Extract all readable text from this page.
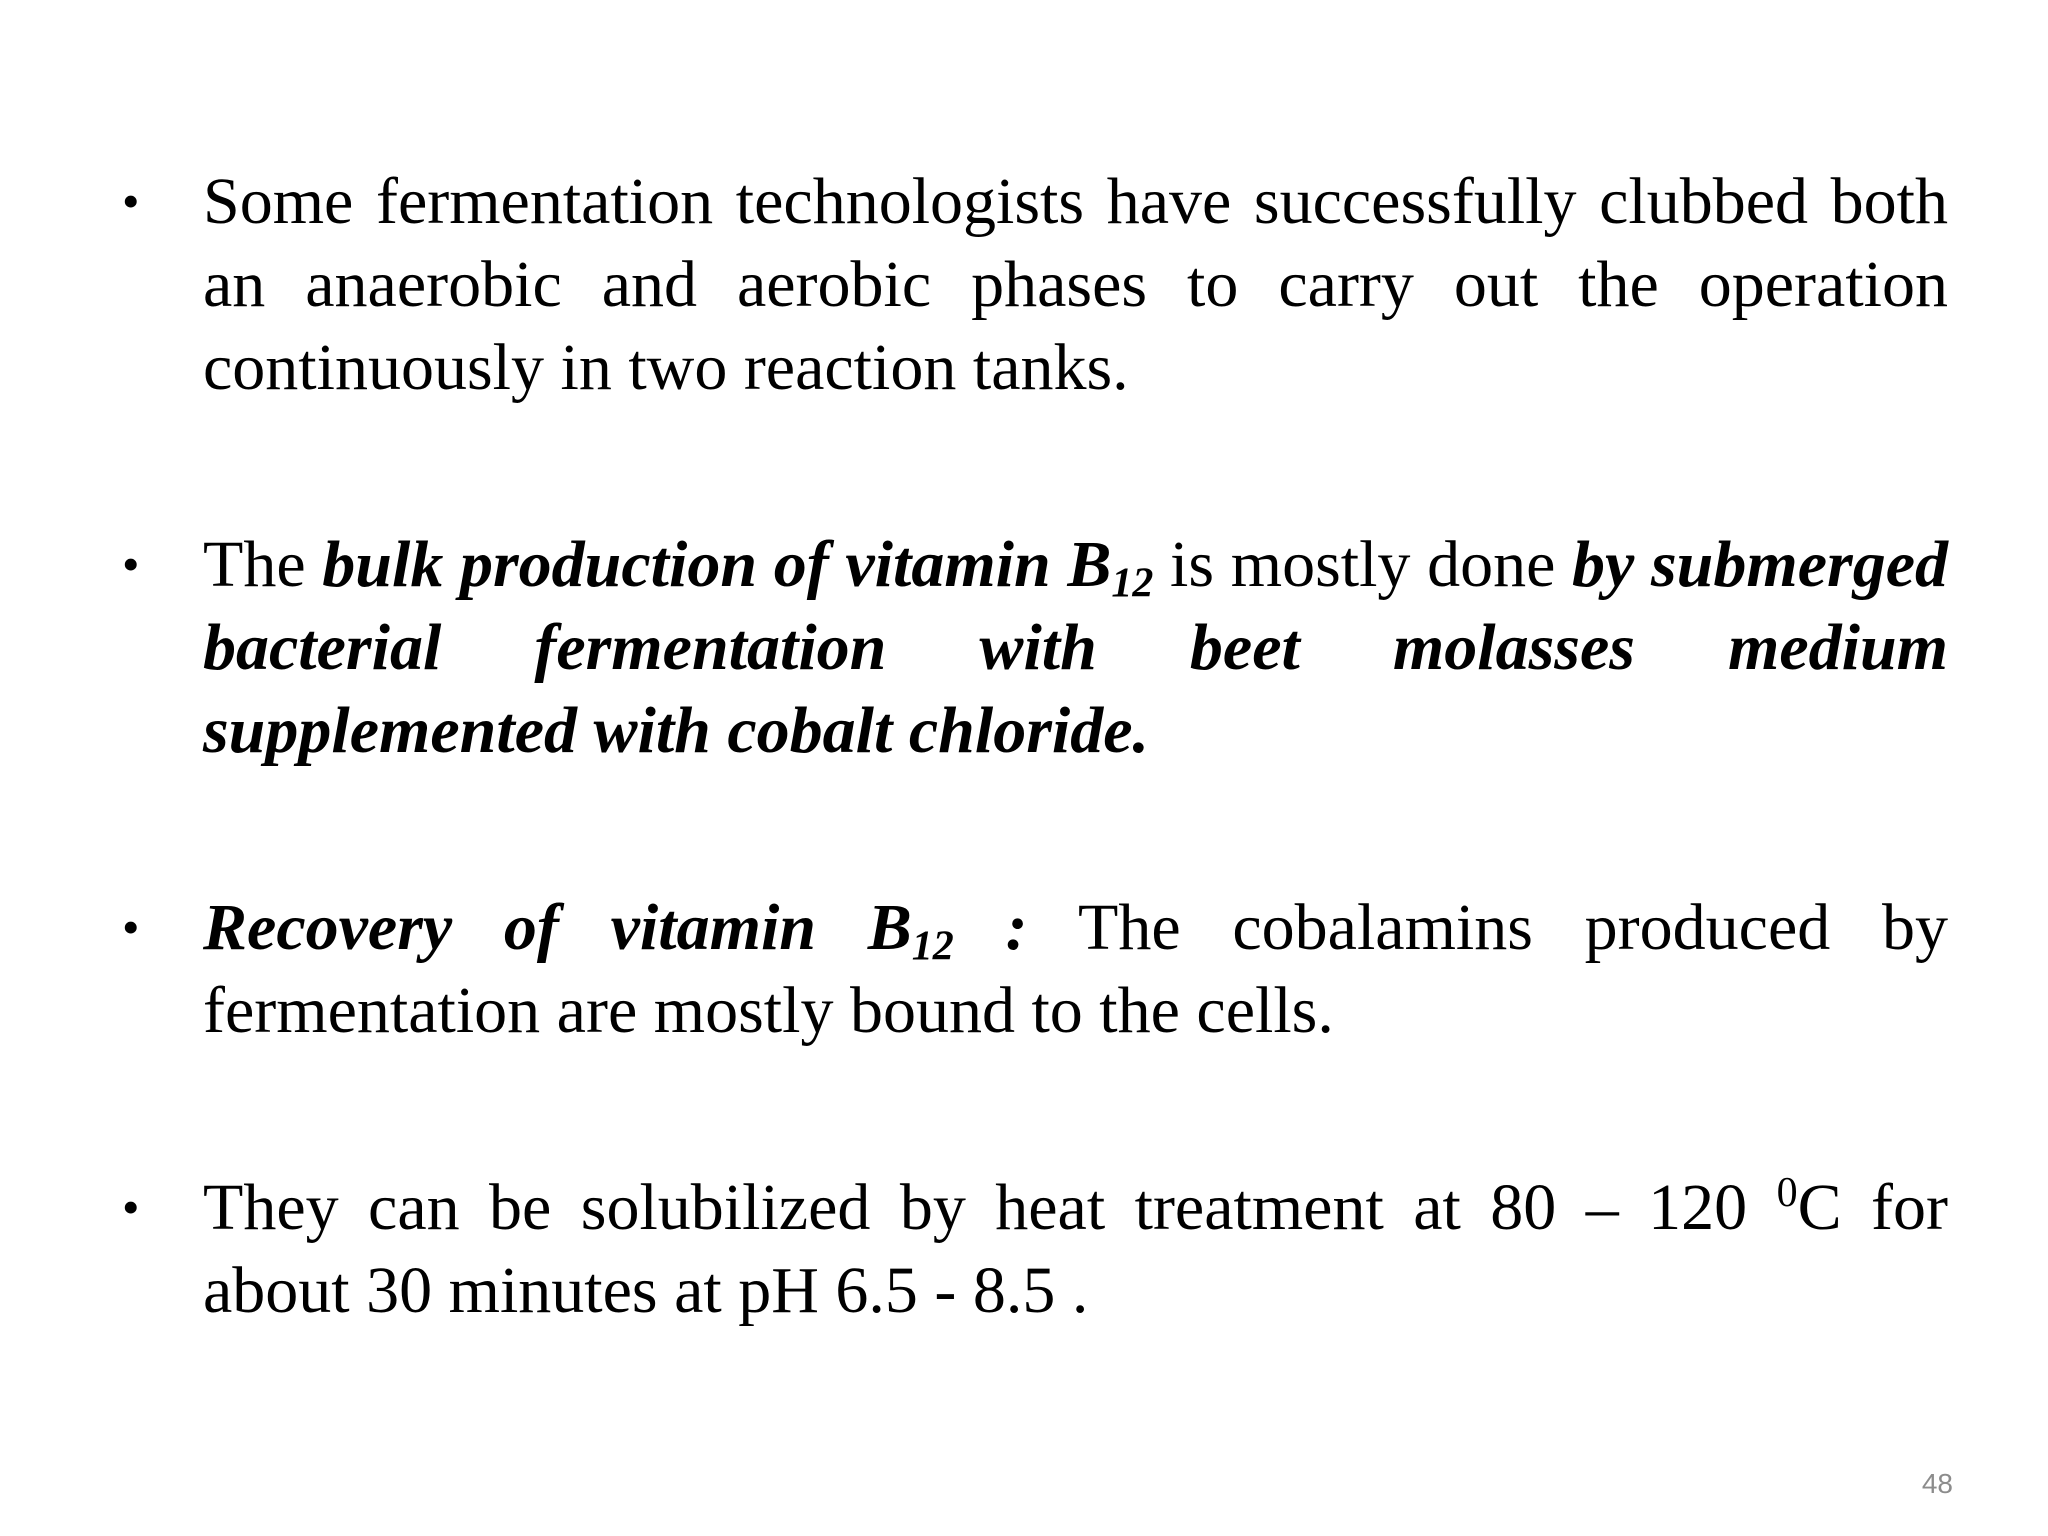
• Some fermentation technologists have successfully clubbed both an anaerobic and aerobic phases to carry out the operation continuously in two reaction tanks.
• The bulk production of vitamin $B_{12}$ is mostly done by submerged bacterial fermentation with beet molasses medium supplemented with cobalt chloride.
• Recovery of vitamin $B_{12}$ : The cobalamins produced by fermentation are mostly bound to the cells.
• They can be solubilized by heat treatment at 80 – 120 $^0$C for about 30 minutes at pH 6.5 - 8.5 .
48
